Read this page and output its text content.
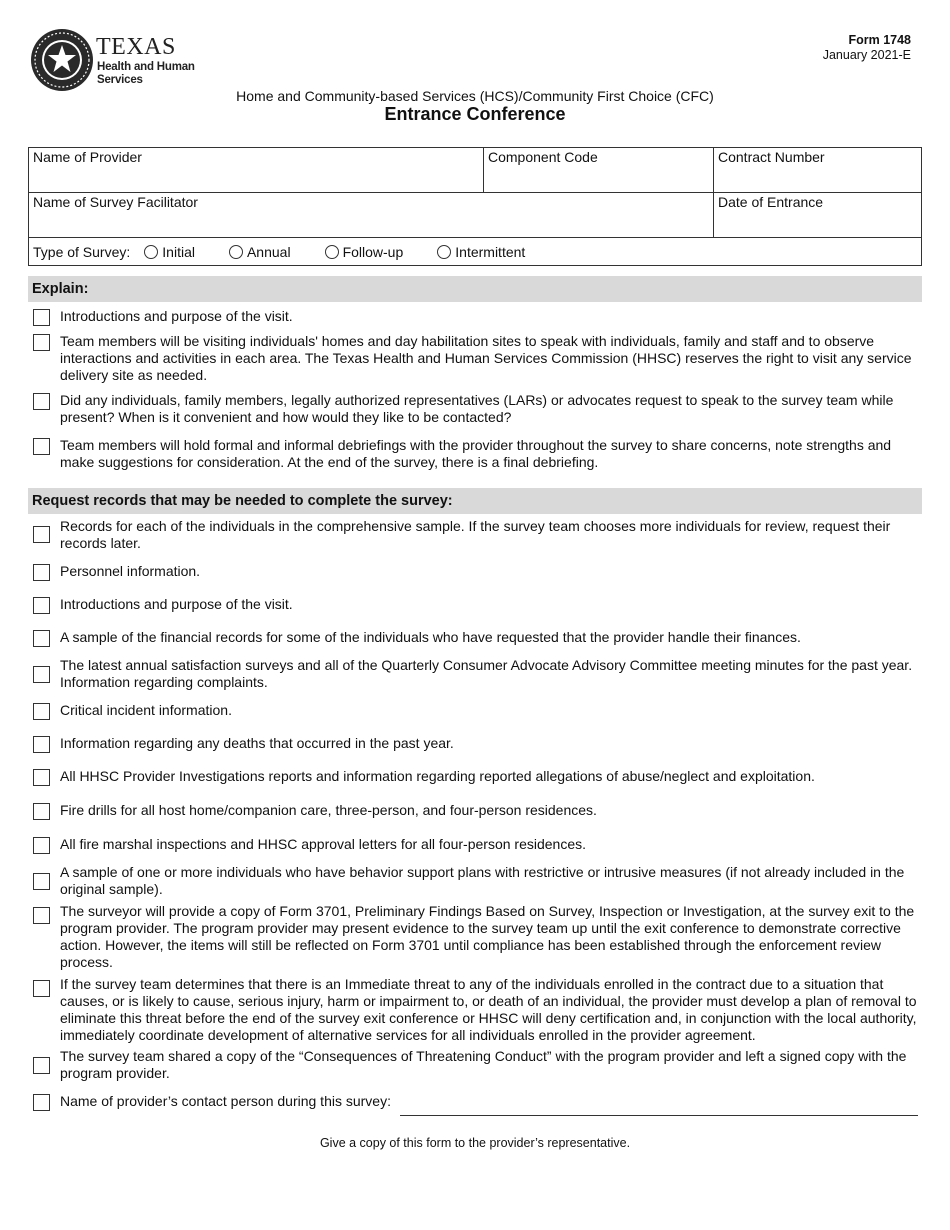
TEXAS
Health and Human
Services
Form 1748
January 2021-E
Home and Community-based Services (HCS)/Community First Choice (CFC)
Entrance Conference
Name of Provider	Component Code	Contract Number
Name of Survey Facilitator	Date of Entrance
Type of Survey: Initial	Annual	Follow-up	Intermittent
Explain:
Introductions and purpose of the visit.
Team members will be visiting individuals' homes and day habilitation sites to speak with individuals, family and staff and to observe interactions and activities in each area. The Texas Health and Human Services Commission (HHSC) reserves the right to visit any service delivery site as needed.
Did any individuals, family members, legally authorized representatives (LARs) or advocates request to speak to the survey team while present? When is it convenient and how would they like to be contacted?
Team members will hold formal and informal debriefings with the provider throughout the survey to share concerns, note strengths and make suggestions for consideration. At the end of the survey, there is a final debriefing.
Request records that may be needed to complete the survey:
Records for each of the individuals in the comprehensive sample. If the survey team chooses more individuals for review, request their records later.
Personnel information.
Introductions and purpose of the visit.
A sample of the financial records for some of the individuals who have requested that the provider handle their finances.
The latest annual satisfaction surveys and all of the Quarterly Consumer Advocate Advisory Committee meeting minutes for the past year. Information regarding complaints.
Critical incident information.
Information regarding any deaths that occurred in the past year.
All HHSC Provider Investigations reports and information regarding reported allegations of abuse/neglect and exploitation.
Fire drills for all host home/companion care, three-person, and four-person residences.
All fire marshal inspections and HHSC approval letters for all four-person residences.
A sample of one or more individuals who have behavior support plans with restrictive or intrusive measures (if not already included in the original sample).
The surveyor will provide a copy of Form 3701, Preliminary Findings Based on Survey, Inspection or Investigation, at the survey exit to the program provider. The program provider may present evidence to the survey team up until the exit conference to demonstrate corrective action. However, the items will still be reflected on Form 3701 until compliance has been established through the enforcement review process.
If the survey team determines that there is an Immediate threat to any of the individuals enrolled in the contract due to a situation that causes, or is likely to cause, serious injury, harm or impairment to, or death of an individual, the provider must develop a plan of removal to eliminate this threat before the end of the survey exit conference or HHSC will deny certification and, in conjunction with the local authority, immediately coordinate development of alternative services for all individuals enrolled in the provider agreement.
The survey team shared a copy of the “Consequences of Threatening Conduct” with the program provider and left a signed copy with the program provider.
Name of provider’s contact person during this survey:
Give a copy of this form to the provider’s representative.
